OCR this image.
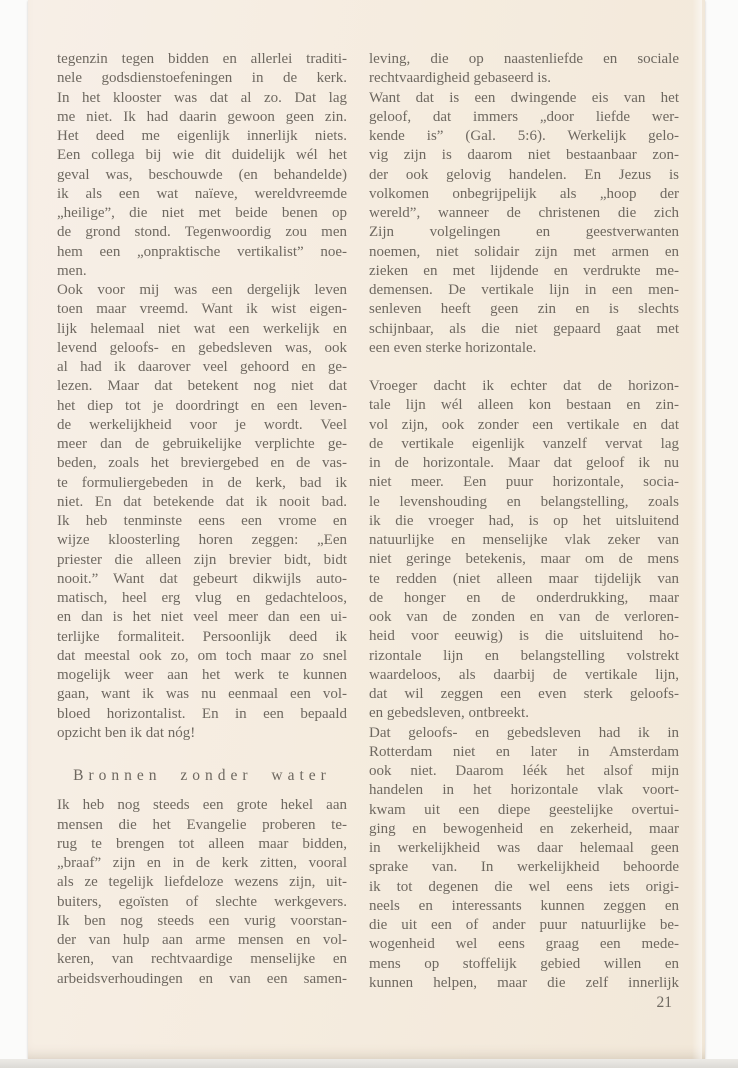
tegenzin tegen bidden en allerlei traditi-
nele godsdienstoefeningen in de kerk.
In het klooster was dat al zo. Dat lag
me niet. Ik had daarin gewoon geen zin.
Het deed me eigenlijk innerlijk niets.
Een collega bij wie dit duidelijk wél het
geval was, beschouwde (en behandelde)
ik als een wat naïeve, wereldvreemde
„heilige”, die niet met beide benen op
de grond stond. Tegenwoordig zou men
hem een „onpraktische vertikalist” noe-
men.
Ook voor mij was een dergelijk leven
toen maar vreemd. Want ik wist eigen-
lijk helemaal niet wat een werkelijk en
levend geloofs- en gebedsleven was, ook
al had ik daarover veel gehoord en ge-
lezen. Maar dat betekent nog niet dat
het diep tot je doordringt en een leven-
de werkelijkheid voor je wordt. Veel
meer dan de gebruikelijke verplichte ge-
beden, zoals het breviergebed en de vas-
te formuliergebeden in de kerk, bad ik
niet. En dat betekende dat ik nooit bad.
Ik heb tenminste eens een vrome en
wijze kloosterling horen zeggen: „Een
priester die alleen zijn brevier bidt, bidt
nooit.” Want dat gebeurt dikwijls auto-
matisch, heel erg vlug en gedachteloos,
en dan is het niet veel meer dan een ui-
terlijke formaliteit. Persoonlijk deed ik
dat meestal ook zo, om toch maar zo snel
mogelijk weer aan het werk te kunnen
gaan, want ik was nu eenmaal een vol-
bloed horizontalist. En in een bepaald
opzicht ben ik dat nóg!
Bronnen zonder water
Ik heb nog steeds een grote hekel aan
mensen die het Evangelie proberen te-
rug te brengen tot alleen maar bidden,
„braaf” zijn en in de kerk zitten, vooral
als ze tegelijk liefdeloze wezens zijn, uit-
buiters, egoïsten of slechte werkgevers.
Ik ben nog steeds een vurig voorstan-
der van hulp aan arme mensen en vol-
keren, van rechtvaardige menselijke en
arbeidsverhoudingen en van een samen-
leving, die op naastenliefde en sociale
rechtvaardigheid gebaseerd is.
Want dat is een dwingende eis van het
geloof, dat immers „door liefde wer-
kende is” (Gal. 5:6). Werkelijk gelo-
vig zijn is daarom niet bestaanbaar zon-
der ook gelovig handelen. En Jezus is
volkomen onbegrijpelijk als „hoop der
wereld”, wanneer de christenen die zich
Zijn volgelingen en geestverwanten
noemen, niet solidair zijn met armen en
zieken en met lijdende en verdrukte me-
demensen. De vertikale lijn in een men-
senleven heeft geen zin en is slechts
schijnbaar, als die niet gepaard gaat met
een even sterke horizontale.
Vroeger dacht ik echter dat de horizon-
tale lijn wél alleen kon bestaan en zin-
vol zijn, ook zonder een vertikale en dat
de vertikale eigenlijk vanzelf vervat lag
in de horizontale. Maar dat geloof ik nu
niet meer. Een puur horizontale, socia-
le levenshouding en belangstelling, zoals
ik die vroeger had, is op het uitsluitend
natuurlijke en menselijke vlak zeker van
niet geringe betekenis, maar om de mens
te redden (niet alleen maar tijdelijk van
de honger en de onderdrukking, maar
ook van de zonden en van de verloren-
heid voor eeuwig) is die uitsluitend ho-
rizontale lijn en belangstelling volstrekt
waardeloos, als daarbij de vertikale lijn,
dat wil zeggen een even sterk geloofs-
en gebedsleven, ontbreekt.
Dat geloofs- en gebedsleven had ik in
Rotterdam niet en later in Amsterdam
ook niet. Daarom léék het alsof mijn
handelen in het horizontale vlak voort-
kwam uit een diepe geestelijke overtui-
ging en bewogenheid en zekerheid, maar
in werkelijkheid was daar helemaal geen
sprake van. In werkelijkheid behoorde
ik tot degenen die wel eens iets origi-
neels en interessants kunnen zeggen en
die uit een of ander puur natuurlijke be-
wogenheid wel eens graag een mede-
mens op stoffelijk gebied willen en
kunnen helpen, maar die zelf innerlijk
21
